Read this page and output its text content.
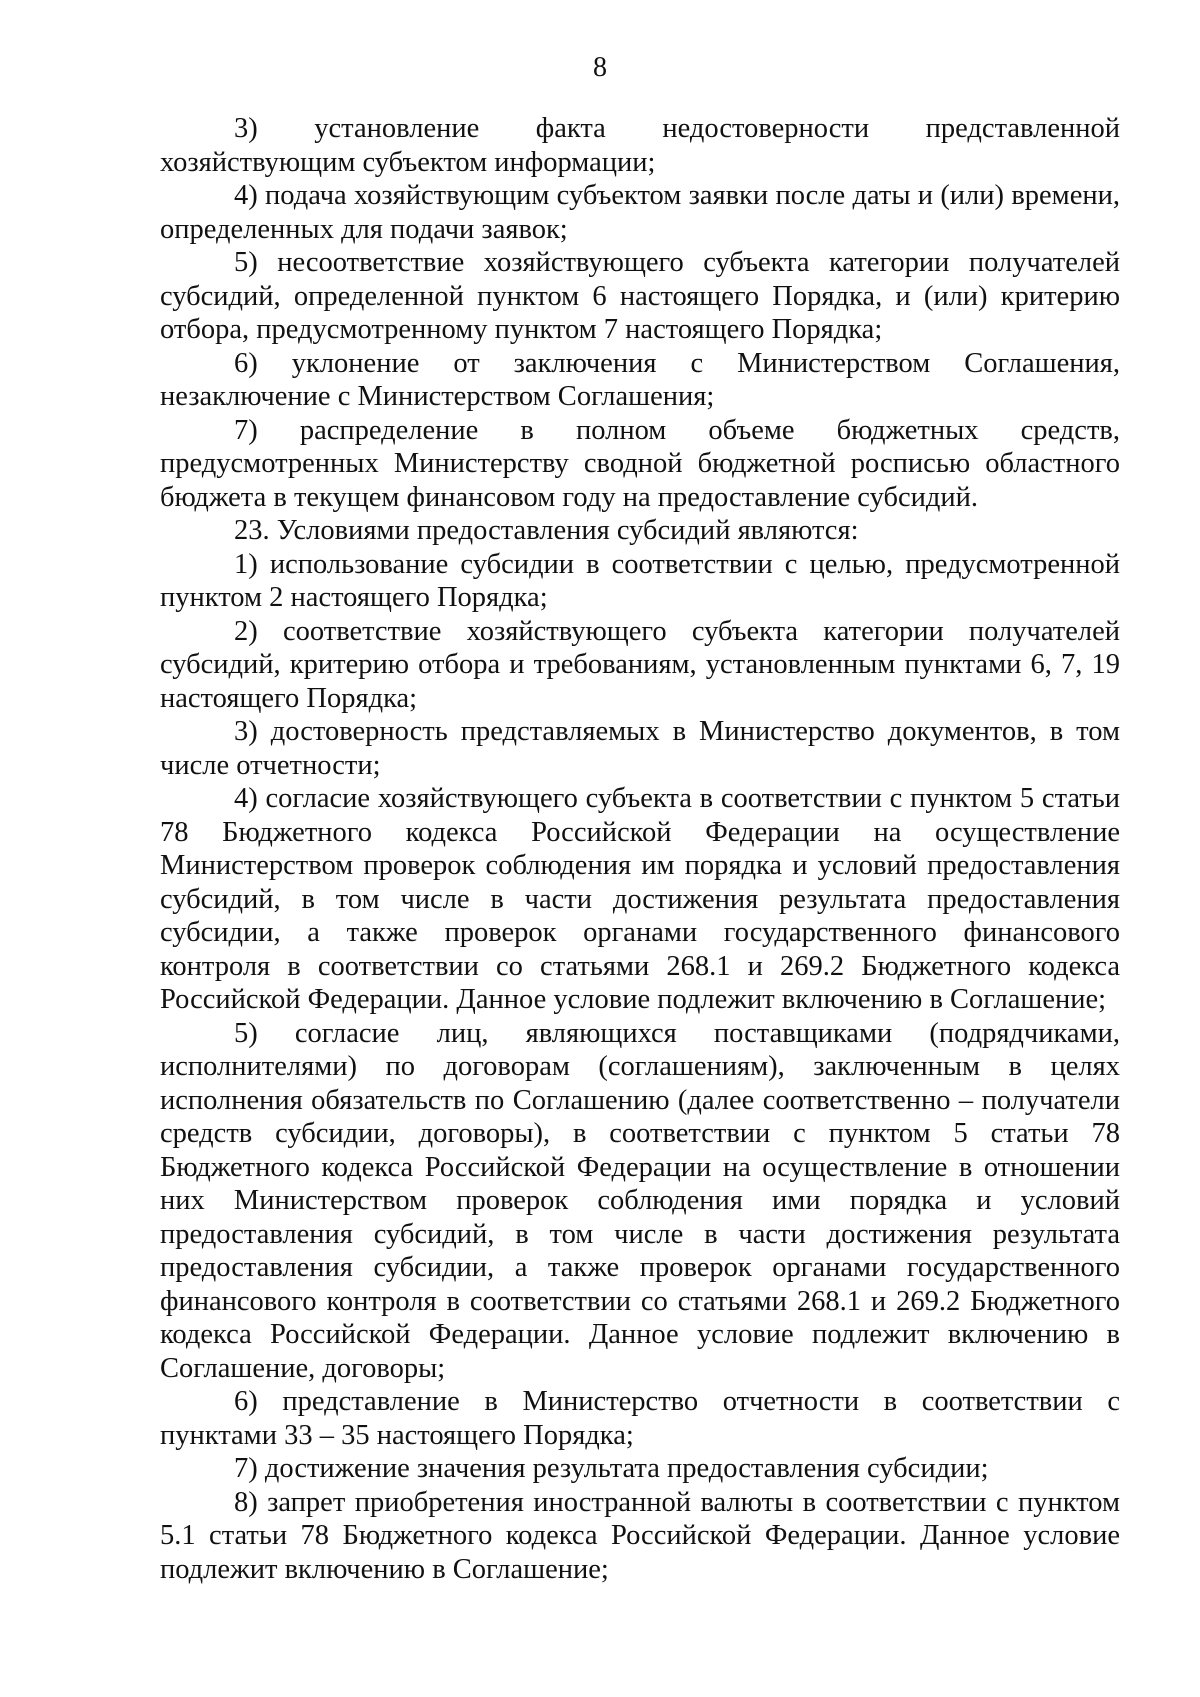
8

3) установление факта недостоверности представленной хозяйствующим субъектом информации;

4) подача хозяйствующим субъектом заявки после даты и (или) времени, определенных для подачи заявок;

5) несоответствие хозяйствующего субъекта категории получателей субсидий, определенной пунктом 6 настоящего Порядка, и (или) критерию отбора, предусмотренному пунктом 7 настоящего Порядка;

6) уклонение от заключения с Министерством Соглашения, незаключение с Министерством Соглашения;

7) распределение в полном объеме бюджетных средств, предусмотренных Министерству сводной бюджетной росписью областного бюджета в текущем финансовом году на предоставление субсидий.

23. Условиями предоставления субсидий являются:

1) использование субсидии в соответствии с целью, предусмотренной пунктом 2 настоящего Порядка;

2) соответствие хозяйствующего субъекта категории получателей субсидий, критерию отбора и требованиям, установленным пунктами 6, 7, 19 настоящего Порядка;

3) достоверность представляемых в Министерство документов, в том числе отчетности;

4) согласие хозяйствующего субъекта в соответствии с пунктом 5 статьи 78 Бюджетного кодекса Российской Федерации на осуществление Министерством проверок соблюдения им порядка и условий предоставления субсидий, в том числе в части достижения результата предоставления субсидии, а также проверок органами государственного финансового контроля в соответствии со статьями 268.1 и 269.2 Бюджетного кодекса Российской Федерации. Данное условие подлежит включению в Соглашение;

5) согласие лиц, являющихся поставщиками (подрядчиками, исполнителями) по договорам (соглашениям), заключенным в целях исполнения обязательств по Соглашению (далее соответственно – получатели средств субсидии, договоры), в соответствии с пунктом 5 статьи 78 Бюджетного кодекса Российской Федерации на осуществление в отношении них Министерством проверок соблюдения ими порядка и условий предоставления субсидий, в том числе в части достижения результата предоставления субсидии, а также проверок органами государственного финансового контроля в соответствии со статьями 268.1 и 269.2 Бюджетного кодекса Российской Федерации. Данное условие подлежит включению в Соглашение, договоры;

6) представление в Министерство отчетности в соответствии с пунктами 33 – 35 настоящего Порядка;

7) достижение значения результата предоставления субсидии;

8) запрет приобретения иностранной валюты в соответствии с пунктом 5.1 статьи 78 Бюджетного кодекса Российской Федерации. Данное условие подлежит включению в Соглашение;
